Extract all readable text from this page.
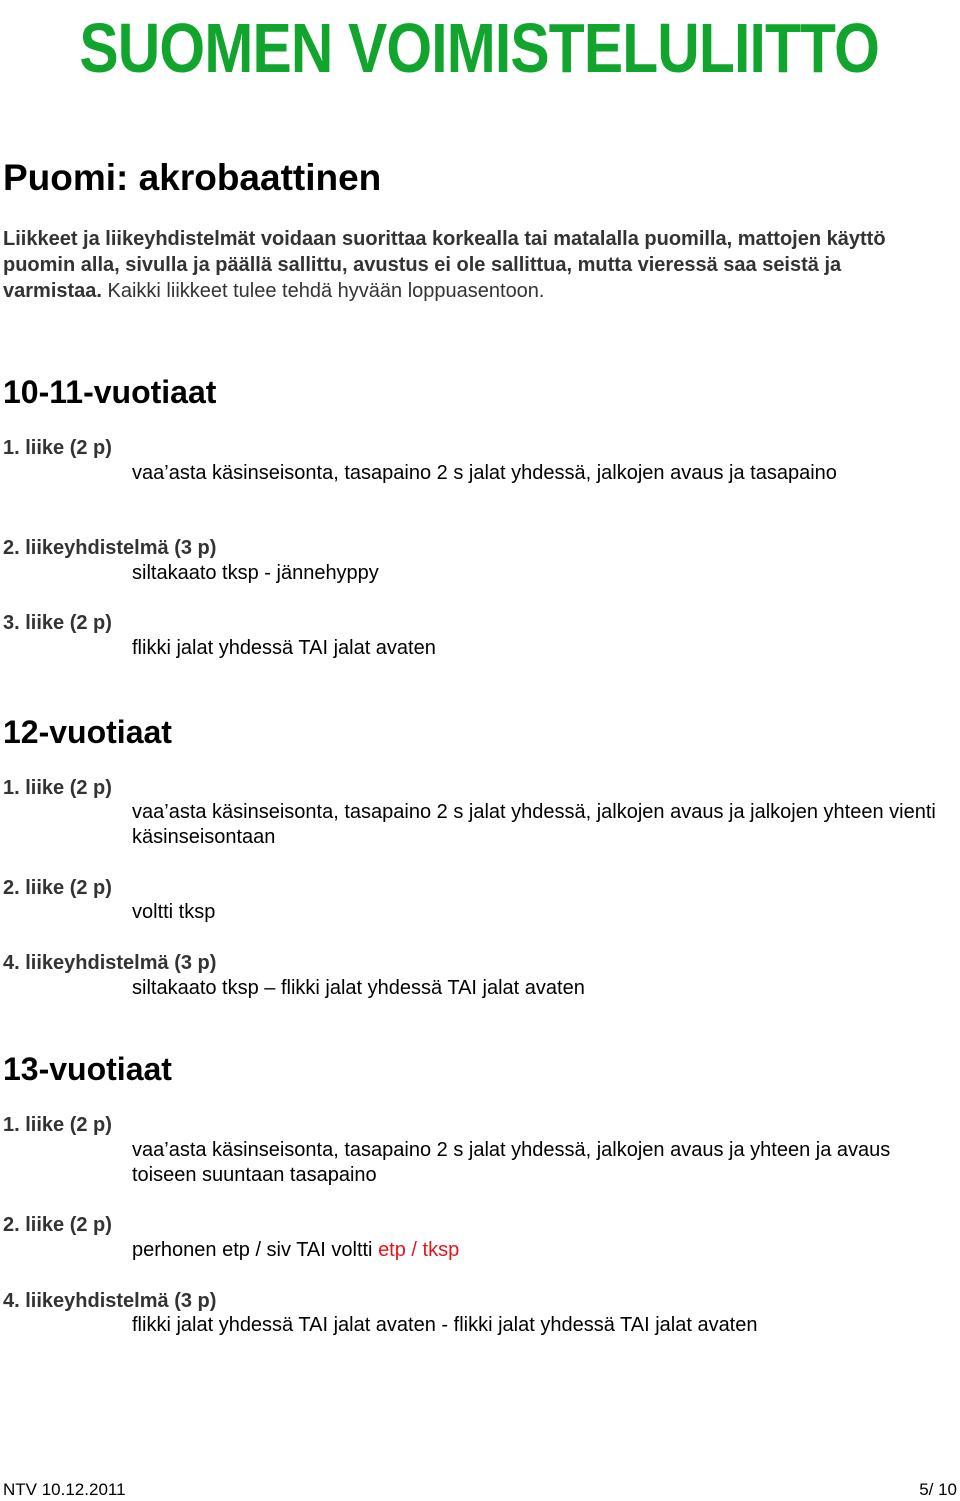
SUOMEN VOIMISTELULIITTO
Puomi: akrobaattinen

Liikkeet ja liikeyhdistelmät voidaan suorittaa korkealla tai matalalla puomilla, mattojen käyttö puomin alla, sivulla ja päällä sallittu, avustus ei ole sallittua, mutta vieressä saa seistä ja varmistaa. Kaikki liikkeet tulee tehdä hyvään loppuasentoon.

10-11-vuotiaat
1. liike (2 p)
vaa’asta käsinseisonta, tasapaino 2 s jalat yhdessä, jalkojen avaus ja tasapaino
2. liikeyhdistelmä (3 p)
siltakaato tksp - jännehyppy
3. liike (2 p)
flikki jalat yhdessä TAI jalat avaten
12-vuotiaat
1. liike (2 p)
vaa’asta käsinseisonta, tasapaino 2 s jalat yhdessä, jalkojen avaus ja jalkojen yhteen vienti käsinseisontaan
2. liike (2 p)
voltti tksp
4. liikeyhdistelmä (3 p)
siltakaato tksp – flikki jalat yhdessä TAI jalat avaten
13-vuotiaat
1. liike (2 p)
vaa’asta käsinseisonta, tasapaino 2 s jalat yhdessä, jalkojen avaus ja yhteen ja avaus toiseen suuntaan tasapaino
2. liike (2 p)
perhonen etp / siv TAI voltti etp / tksp
4. liikeyhdistelmä (3 p)
flikki jalat yhdessä TAI jalat avaten - flikki jalat yhdessä TAI jalat avaten
NTV 10.12.2011	5/ 10
